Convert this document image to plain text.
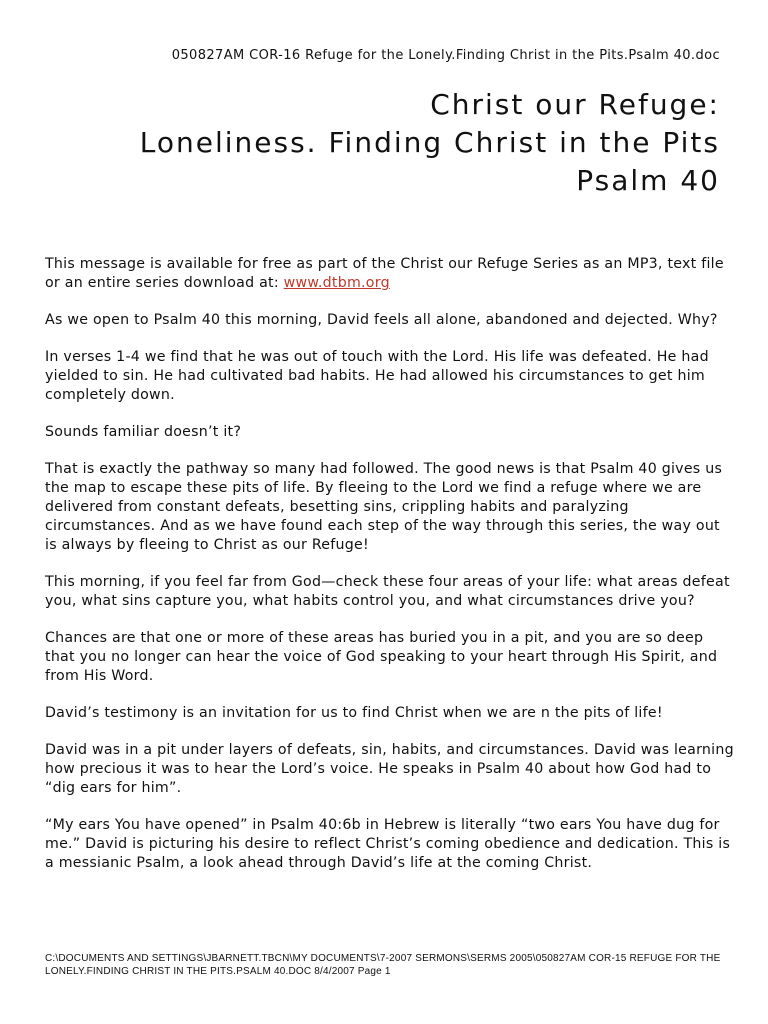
050827AM COR-16 Refuge for the Lonely.Finding Christ in the Pits.Psalm 40.doc
Christ our Refuge:
Loneliness. Finding Christ in the Pits
Psalm 40

This message is available for free as part of the Christ our Refuge Series as an MP3, text file or an entire series download at: www.dtbm.org

As we open to Psalm 40 this morning, David feels all alone, abandoned and dejected. Why?

In verses 1-4 we find that he was out of touch with the Lord. His life was defeated. He had yielded to sin. He had cultivated bad habits. He had allowed his circumstances to get him completely down.

Sounds familiar doesn’t it?

That is exactly the pathway so many had followed. The good news is that Psalm 40 gives us the map to escape these pits of life. By fleeing to the Lord we find a refuge where we are delivered from constant defeats, besetting sins, crippling habits and paralyzing circumstances. And as we have found each step of the way through this series, the way out is always by fleeing to Christ as our Refuge!

This morning, if you feel far from God—check these four areas of your life: what areas defeat you, what sins capture you, what habits control you, and what circumstances drive you?

Chances are that one or more of these areas has buried you in a pit, and you are so deep that you no longer can hear the voice of God speaking to your heart through His Spirit, and from His Word.

David’s testimony is an invitation for us to find Christ when we are n the pits of life!

David was in a pit under layers of defeats, sin, habits, and circumstances. David was learning how precious it was to hear the Lord’s voice. He speaks in Psalm 40 about how God had to “dig ears for him”.

“My ears You have opened” in Psalm 40:6b in Hebrew is literally “two ears You have dug for me.” David is picturing his desire to reflect Christ’s coming obedience and dedication. This is a messianic Psalm, a look ahead through David’s life at the coming Christ.

C:\DOCUMENTS AND SETTINGS\JBARNETT.TBCN\MY DOCUMENTS\7-2007 SERMONS\SERMS 2005\050827AM COR-15 REFUGE FOR THE LONELY.FINDING CHRIST IN THE PITS.PSALM 40.DOC 8/4/2007 Page 1
